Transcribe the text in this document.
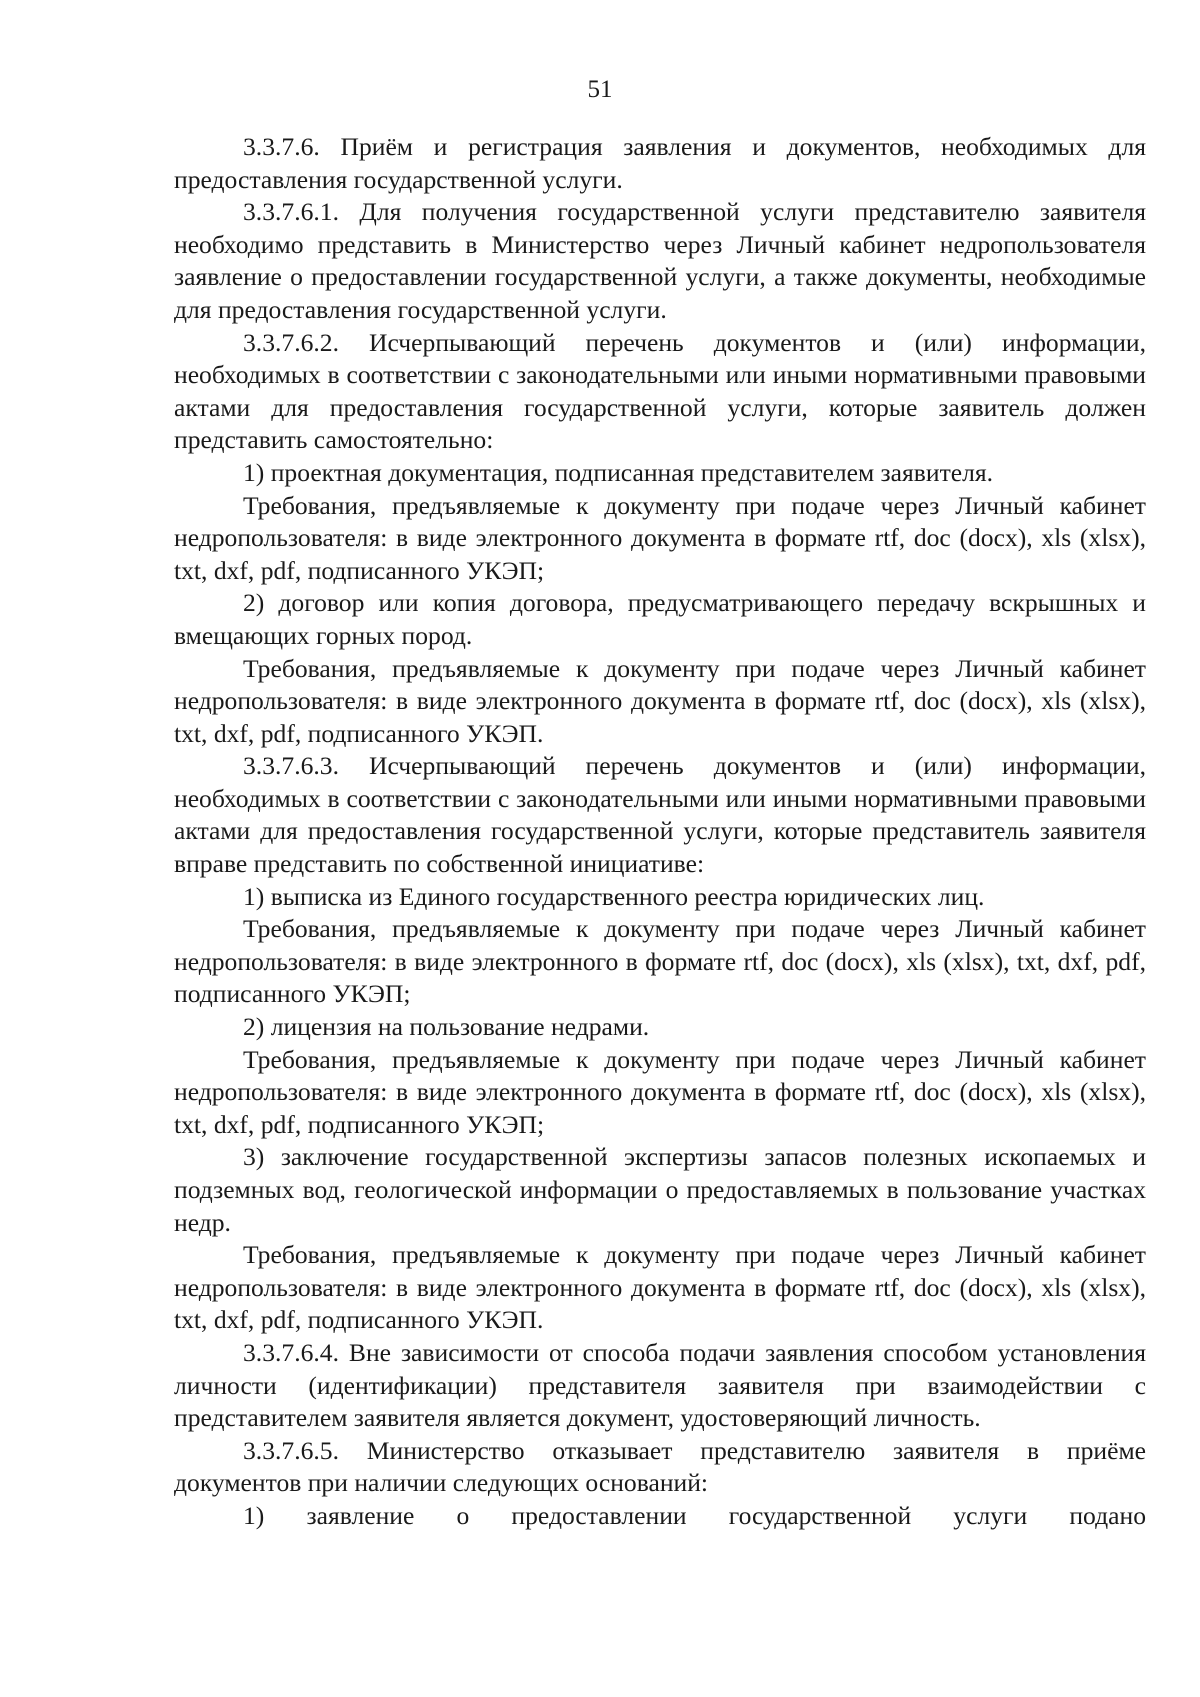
51

3.3.7.6. Приём и регистрация заявления и документов, необходимых для предоставления государственной услуги.

3.3.7.6.1. Для получения государственной услуги представителю заявителя необходимо представить в Министерство через Личный кабинет недропользователя заявление о предоставлении государственной услуги, а также документы, необходимые для предоставления государственной услуги.

3.3.7.6.2. Исчерпывающий перечень документов и (или) информации, необходимых в соответствии с законодательными или иными нормативными правовыми актами для предоставления государственной услуги, которые заявитель должен представить самостоятельно:

1) проектная документация, подписанная представителем заявителя.

Требования, предъявляемые к документу при подаче через Личный кабинет недропользователя: в виде электронного документа в формате rtf, doc (docx), xls (xlsx), txt, dxf, pdf, подписанного УКЭП;

2) договор или копия договора, предусматривающего передачу вскрышных и вмещающих горных пород.

Требования, предъявляемые к документу при подаче через Личный кабинет недропользователя: в виде электронного документа в формате rtf, doc (docx), xls (xlsx), txt, dxf, pdf, подписанного УКЭП.

3.3.7.6.3. Исчерпывающий перечень документов и (или) информации, необходимых в соответствии с законодательными или иными нормативными правовыми актами для предоставления государственной услуги, которые представитель заявителя вправе представить по собственной инициативе:

1) выписка из Единого государственного реестра юридических лиц.

Требования, предъявляемые к документу при подаче через Личный кабинет недропользователя: в виде электронного в формате rtf, doc (docx), xls (xlsx), txt, dxf, pdf, подписанного УКЭП;

2) лицензия на пользование недрами.

Требования, предъявляемые к документу при подаче через Личный кабинет недропользователя: в виде электронного документа в формате rtf, doc (docx), xls (xlsx), txt, dxf, pdf, подписанного УКЭП;

3) заключение государственной экспертизы запасов полезных ископаемых и подземных вод, геологической информации о предоставляемых в пользование участках недр.

Требования, предъявляемые к документу при подаче через Личный кабинет недропользователя: в виде электронного документа в формате rtf, doc (docx), xls (xlsx), txt, dxf, pdf, подписанного УКЭП.

3.3.7.6.4. Вне зависимости от способа подачи заявления способом установления личности (идентификации) представителя заявителя при взаимодействии с представителем заявителя является документ, удостоверяющий личность.

3.3.7.6.5. Министерство отказывает представителю заявителя в приёме документов при наличии следующих оснований:

1) заявление о предоставлении государственной услуги подано
